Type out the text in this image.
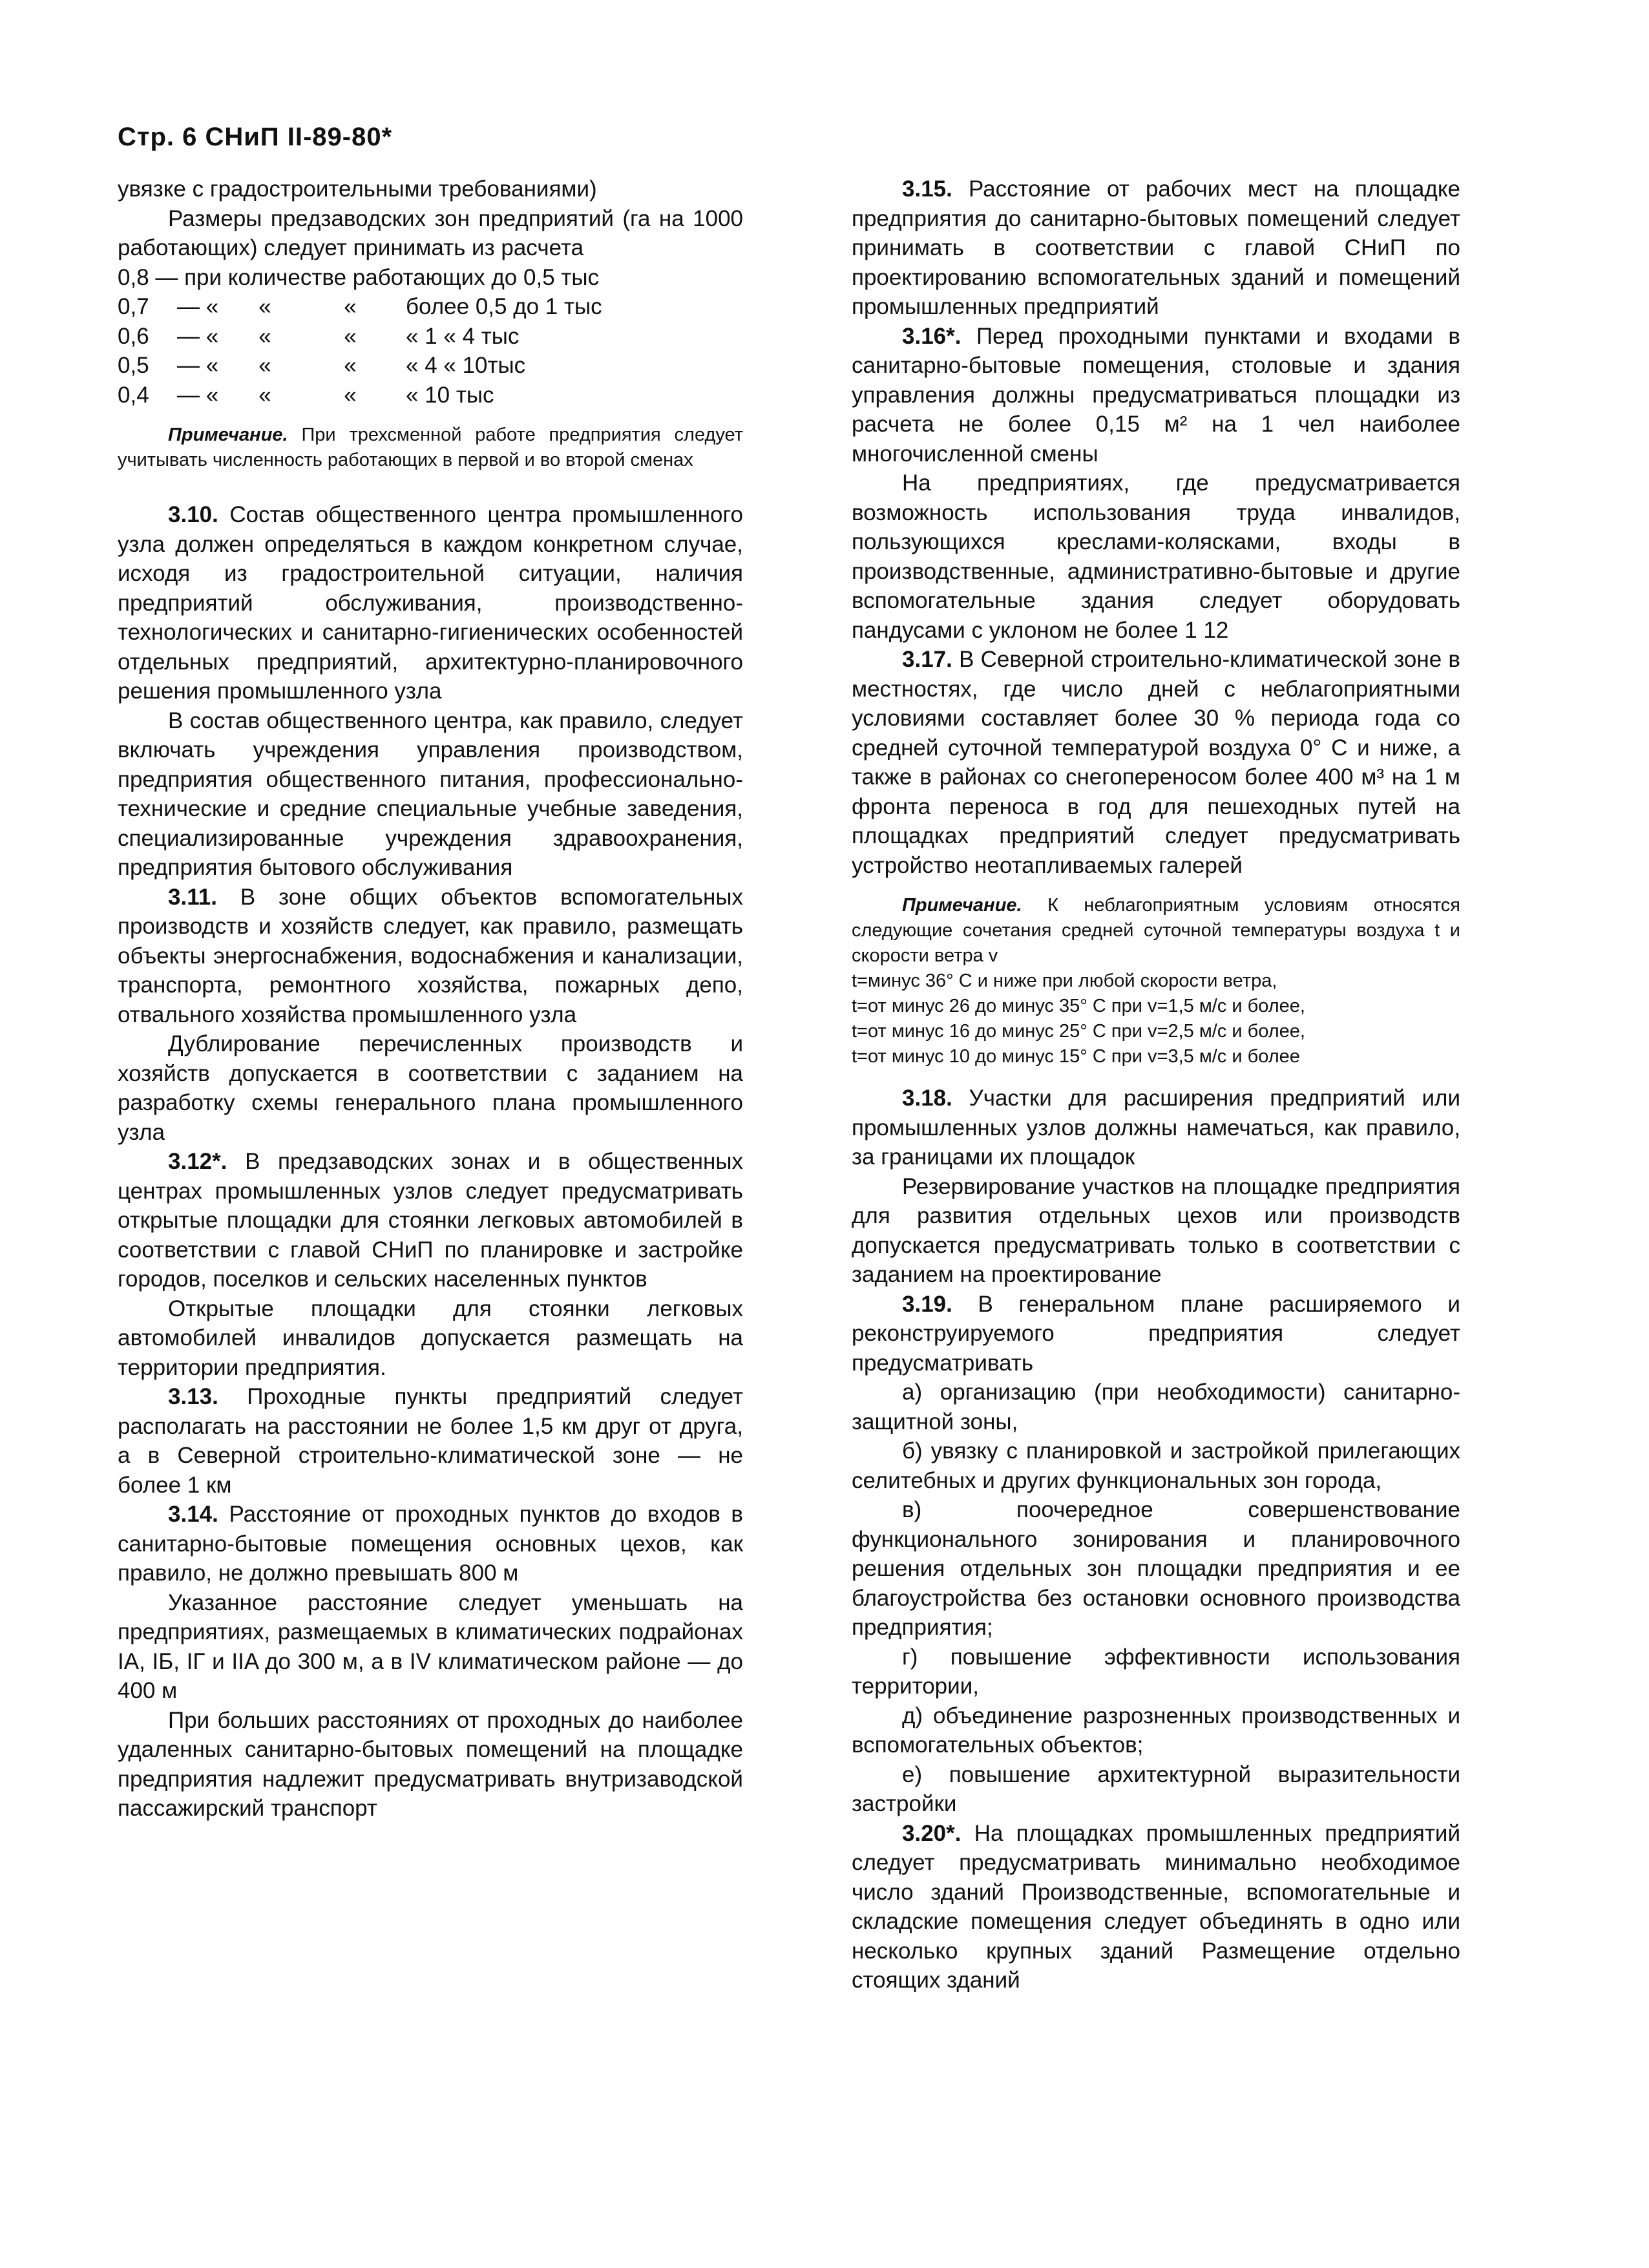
Стр. 6 СНиП II-89-80*

увязке с градостроительными требованиями)

Размеры предзаводских зон предприятий (га на 1000 работающих) следует принимать из расчета

0,8 — при количестве работающих до 0,5 тыс

0,7	— «	«	«	более 0,5 до 1 тыс
0,6	— «	«	«	« 1 « 4 тыс
0,5	— «	«	«	« 4 « 10тыс
0,4	— «	«	«	« 10 тыс

Примечание. При трехсменной работе предприятия следует учитывать численность работающих в первой и во второй сменах

3.10. Состав общественного центра промышленного узла должен определяться в каждом конкретном случае, исходя из градостроительной ситуации, наличия предприятий обслуживания, производственно-технологических и санитарно-гигиенических особенностей отдельных предприятий, архитектурно-планировочного решения промышленного узла

В состав общественного центра, как правило, следует включать учреждения управления производством, предприятия общественного питания, профессионально-технические и средние специальные учебные заведения, специализированные учреждения здравоохранения, предприятия бытового обслуживания

3.11. В зоне общих объектов вспомогательных производств и хозяйств следует, как правило, размещать объекты энергоснабжения, водоснабжения и канализации, транспорта, ремонтного хозяйства, пожарных депо, отвального хозяйства промышленного узла

Дублирование перечисленных производств и хозяйств допускается в соответствии с заданием на разработку схемы генерального плана промышленного узла

3.12*. В предзаводских зонах и в общественных центрах промышленных узлов следует предусматривать открытые площадки для стоянки легковых автомобилей в соответствии с главой СНиП по планировке и застройке городов, поселков и сельских населенных пунктов

Открытые площадки для стоянки легковых автомобилей инвалидов допускается размещать на территории предприятия.

3.13. Проходные пункты предприятий следует располагать на расстоянии не более 1,5 км друг от друга, а в Северной строительно-климатической зоне — не более 1 км

3.14. Расстояние от проходных пунктов до входов в санитарно-бытовые помещения основных цехов, как правило, не должно превышать 800 м

Указанное расстояние следует уменьшать на предприятиях, размещаемых в климатических подрайонах IA, IБ, IГ и IIA до 300 м, а в IV климатическом районе — до 400 м

При больших расстояниях от проходных до наиболее удаленных санитарно-бытовых помещений на площадке предприятия надлежит предусматривать внутризаводской пассажирский транспорт

3.15. Расстояние от рабочих мест на площадке предприятия до санитарно-бытовых помещений следует принимать в соответствии с главой СНиП по проектированию вспомогательных зданий и помещений промышленных предприятий

3.16*. Перед проходными пунктами и входами в санитарно-бытовые помещения, столовые и здания управления должны предусматриваться площадки из расчета не более 0,15 м² на 1 чел наиболее многочисленной смены

На предприятиях, где предусматривается возможность использования труда инвалидов, пользующихся креслами-колясками, входы в производственные, административно-бытовые и другие вспомогательные здания следует оборудовать пандусами с уклоном не более 1 12

3.17. В Северной строительно-климатической зоне в местностях, где число дней с неблагоприятными условиями составляет более 30 % периода года со средней суточной температурой воздуха 0° С и ниже, а также в районах со снегопереносом более 400 м³ на 1 м фронта переноса в год для пешеходных путей на площадках предприятий следует предусматривать устройство неотапливаемых галерей

Примечание. К неблагоприятным условиям относятся следующие сочетания средней суточной температуры воздуха t и скорости ветра v

t=минус 36° С и ниже при любой скорости ветра,

t=от минус 26 до минус 35° С при v=1,5 м/с и более,

t=от минус 16 до минус 25° С при v=2,5 м/с и более,

t=от минус 10 до минус 15° С при v=3,5 м/с и более

3.18. Участки для расширения предприятий или промышленных узлов должны намечаться, как правило, за границами их площадок

Резервирование участков на площадке предприятия для развития отдельных цехов или производств допускается предусматривать только в соответствии с заданием на проектирование

3.19. В генеральном плане расширяемого и реконструируемого предприятия следует предусматривать

а) организацию (при необходимости) санитарно-защитной зоны,

б) увязку с планировкой и застройкой прилегающих селитебных и других функциональных зон города,

в) поочередное совершенствование функционального зонирования и планировочного решения отдельных зон площадки предприятия и ее благоустройства без остановки основного производства предприятия;

г) повышение эффективности использования территории,

д) объединение разрозненных производственных и вспомогательных объектов;

е) повышение архитектурной выразительности застройки

3.20*. На площадках промышленных предприятий следует предусматривать минимально необходимое число зданий Производственные, вспомогательные и складские помещения следует объединять в одно или несколько крупных зданий Размещение отдельно стоящих зданий
